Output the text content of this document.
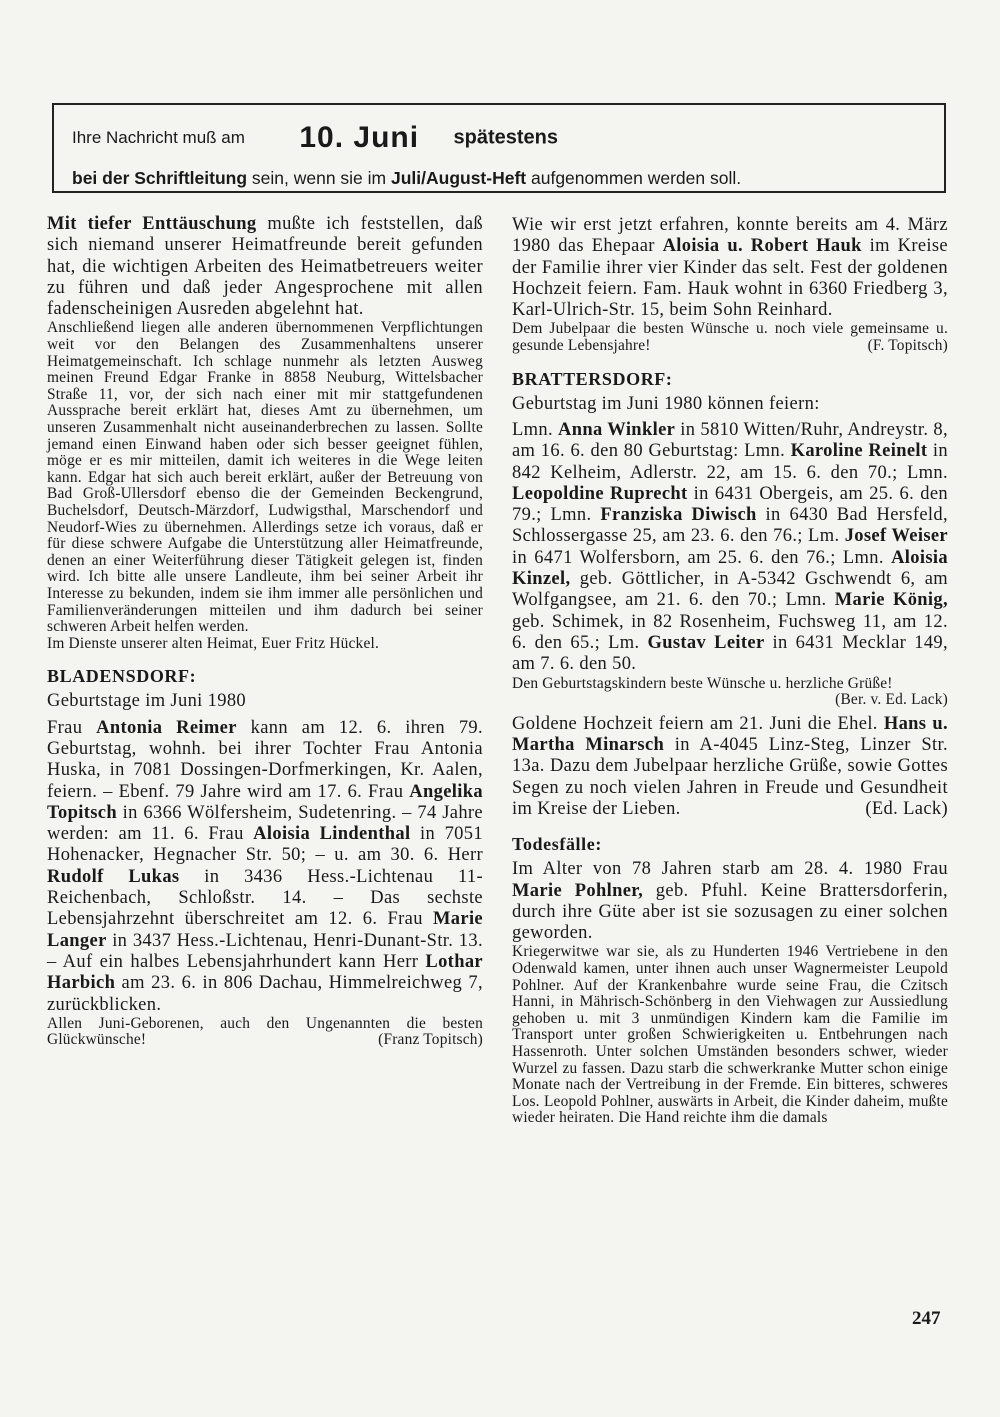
Ihre Nachricht muß am 10. Juni spätestens
bei der Schriftleitung sein, wenn sie im Juli/August-Heft aufgenommen werden soll.

Mit tiefer Enttäuschung mußte ich feststellen, daß sich niemand unserer Heimatfreunde bereit gefunden hat, die wichtigen Arbeiten des Heimatbetreuers weiter zu führen und daß jeder Angesprochene mit allen fadenscheinigen Ausreden abgelehnt hat.

Anschließend liegen alle anderen übernommenen Verpflichtungen weit vor den Belangen des Zusammenhaltens unserer Heimatgemeinschaft. Ich schlage nunmehr als letzten Ausweg meinen Freund Edgar Franke in 8858 Neuburg, Wittelsbacher Straße 11, vor, der sich nach einer mit mir stattgefundenen Aussprache bereit erklärt hat, dieses Amt zu übernehmen, um unseren Zusammenhalt nicht auseinanderbrechen zu lassen. Sollte jemand einen Einwand haben oder sich besser geeignet fühlen, möge er es mir mitteilen, damit ich weiteres in die Wege leiten kann. Edgar hat sich auch bereit erklärt, außer der Betreuung von Bad Groß-Ullersdorf ebenso die der Gemeinden Beckengrund, Buchelsdorf, Deutsch-Märzdorf, Ludwigsthal, Marschendorf und Neudorf-Wies zu übernehmen. Allerdings setze ich voraus, daß er für diese schwere Aufgabe die Unterstützung aller Heimatfreunde, denen an einer Weiterführung dieser Tätigkeit gelegen ist, finden wird. Ich bitte alle unsere Landleute, ihm bei seiner Arbeit ihr Interesse zu bekunden, indem sie ihm immer alle persönlichen und Familienveränderungen mitteilen und ihm dadurch bei seiner schweren Arbeit helfen werden.

Im Dienste unserer alten Heimat, Euer Fritz Hückel.

BLADENSDORF:

Geburtstage im Juni 1980

Frau Antonia Reimer kann am 12. 6. ihren 79. Geburtstag, wohnh. bei ihrer Tochter Frau Antonia Huska, in 7081 Dossingen-Dorfmerkingen, Kr. Aalen, feiern. – Ebenf. 79 Jahre wird am 17. 6. Frau Angelika Topitsch in 6366 Wölfersheim, Sudetenring. – 74 Jahre werden: am 11. 6. Frau Aloisia Lindenthal in 7051 Hohenacker, Hegnacher Str. 50; – u. am 30. 6. Herr Rudolf Lukas in 3436 Hess.-Lichtenau 11-Reichenbach, Schloßstr. 14. – Das sechste Lebensjahrzehnt überschreitet am 12. 6. Frau Marie Langer in 3437 Hess.-Lichtenau, Henri-Dunant-Str. 13. – Auf ein halbes Lebensjahrhundert kann Herr Lothar Harbich am 23. 6. in 806 Dachau, Himmelreichweg 7, zurückblicken.

Allen Juni-Geborenen, auch den Ungenannten die besten Glückwünsche!	(Franz Topitsch)

Wie wir erst jetzt erfahren, konnte bereits am 4. März 1980 das Ehepaar Aloisia u. Robert Hauk im Kreise der Familie ihrer vier Kinder das selt. Fest der goldenen Hochzeit feiern. Fam. Hauk wohnt in 6360 Friedberg 3, Karl-Ulrich-Str. 15, beim Sohn Reinhard.

Dem Jubelpaar die besten Wünsche u. noch viele gemeinsame u. gesunde Lebensjahre!	(F. Topitsch)

BRATTERSDORF:

Geburtstag im Juni 1980 können feiern:

Lmn. Anna Winkler in 5810 Witten/Ruhr, Andreystr. 8, am 16. 6. den 80 Geburtstag: Lmn. Karoline Reinelt in 842 Kelheim, Adlerstr. 22, am 15. 6. den 70.; Lmn. Leopoldine Ruprecht in 6431 Obergeis, am 25. 6. den 79.; Lmn. Franziska Diwisch in 6430 Bad Hersfeld, Schlossergasse 25, am 23. 6. den 76.; Lm. Josef Weiser in 6471 Wolfersborn, am 25. 6. den 76.; Lmn. Aloisia Kinzel, geb. Göttlicher, in A-5342 Gschwendt 6, am Wolfgangsee, am 21. 6. den 70.; Lmn. Marie König, geb. Schimek, in 82 Rosenheim, Fuchsweg 11, am 12. 6. den 65.; Lm. Gustav Leiter in 6431 Mecklar 149, am 7. 6. den 50.

Den Geburtstagskindern beste Wünsche u. herzliche Grüße!
(Ber. v. Ed. Lack)

Goldene Hochzeit feiern am 21. Juni die Ehel. Hans u. Martha Minarsch in A-4045 Linz-Steg, Linzer Str. 13a. Dazu dem Jubelpaar herzliche Grüße, sowie Gottes Segen zu noch vielen Jahren in Freude und Gesundheit im Kreise der Lieben.	(Ed. Lack)

Todesfälle:

Im Alter von 78 Jahren starb am 28. 4. 1980 Frau Marie Pohlner, geb. Pfuhl. Keine Brattersdorferin, durch ihre Güte aber ist sie sozusagen zu einer solchen geworden.

Kriegerwitwe war sie, als zu Hunderten 1946 Vertriebene in den Odenwald kamen, unter ihnen auch unser Wagnermeister Leupold Pohlner. Auf der Krankenbahre wurde seine Frau, die Czitsch Hanni, in Mährisch-Schönberg in den Viehwagen zur Aussiedlung gehoben u. mit 3 unmündigen Kindern kam die Familie im Transport unter großen Schwierigkeiten u. Entbehrungen nach Hassenroth. Unter solchen Umständen besonders schwer, wieder Wurzel zu fassen. Dazu starb die schwerkranke Mutter schon einige Monate nach der Vertreibung in der Fremde. Ein bitteres, schweres Los. Leopold Pohlner, auswärts in Arbeit, die Kinder daheim, mußte wieder heiraten. Die Hand reichte ihm die damals

247
